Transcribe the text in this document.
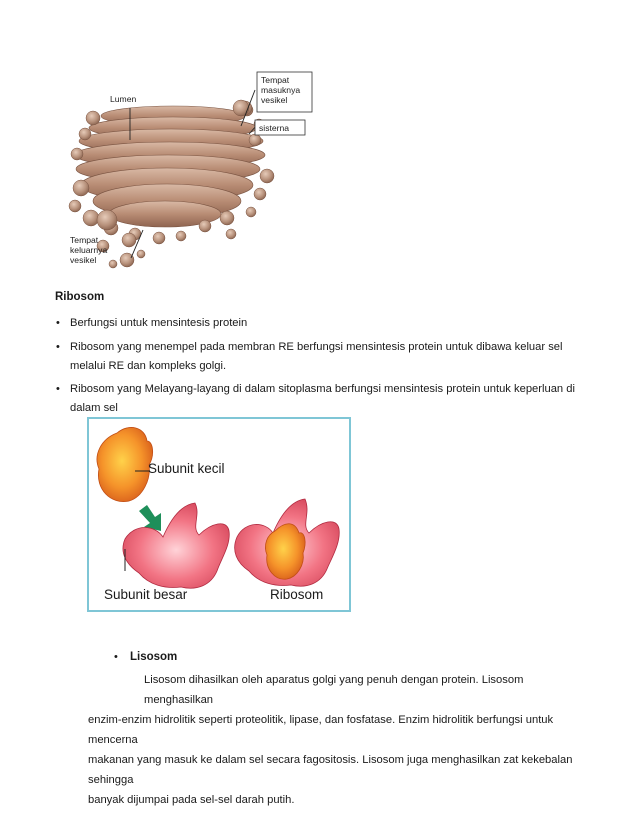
Lumen
Tempat
masuknya
vesikel
sisterna
Tempat
keluarnya
vesikel
Ribosom
• Berfungsi untuk mensintesis protein
• Ribosom yang menempel pada membran RE berfungsi mensintesis protein untuk dibawa keluar sel
melalui RE dan kompleks golgi.
• Ribosom yang Melayang-layang di dalam sitoplasma berfungsi mensintesis protein untuk keperluan di
dalam sel
Subunit kecil
Subunit besar	Ribosom
• Lisosom
Lisosom dihasilkan oleh aparatus golgi yang penuh dengan protein. Lisosom menghasilkan
enzim-enzim hidrolitik seperti proteolitik, lipase, dan fosfatase. Enzim hidrolitik berfungsi untuk mencerna
makanan yang masuk ke dalam sel secara fagositosis. Lisosom juga menghasilkan zat kekebalan sehingga
banyak dijumpai pada sel-sel darah putih.
